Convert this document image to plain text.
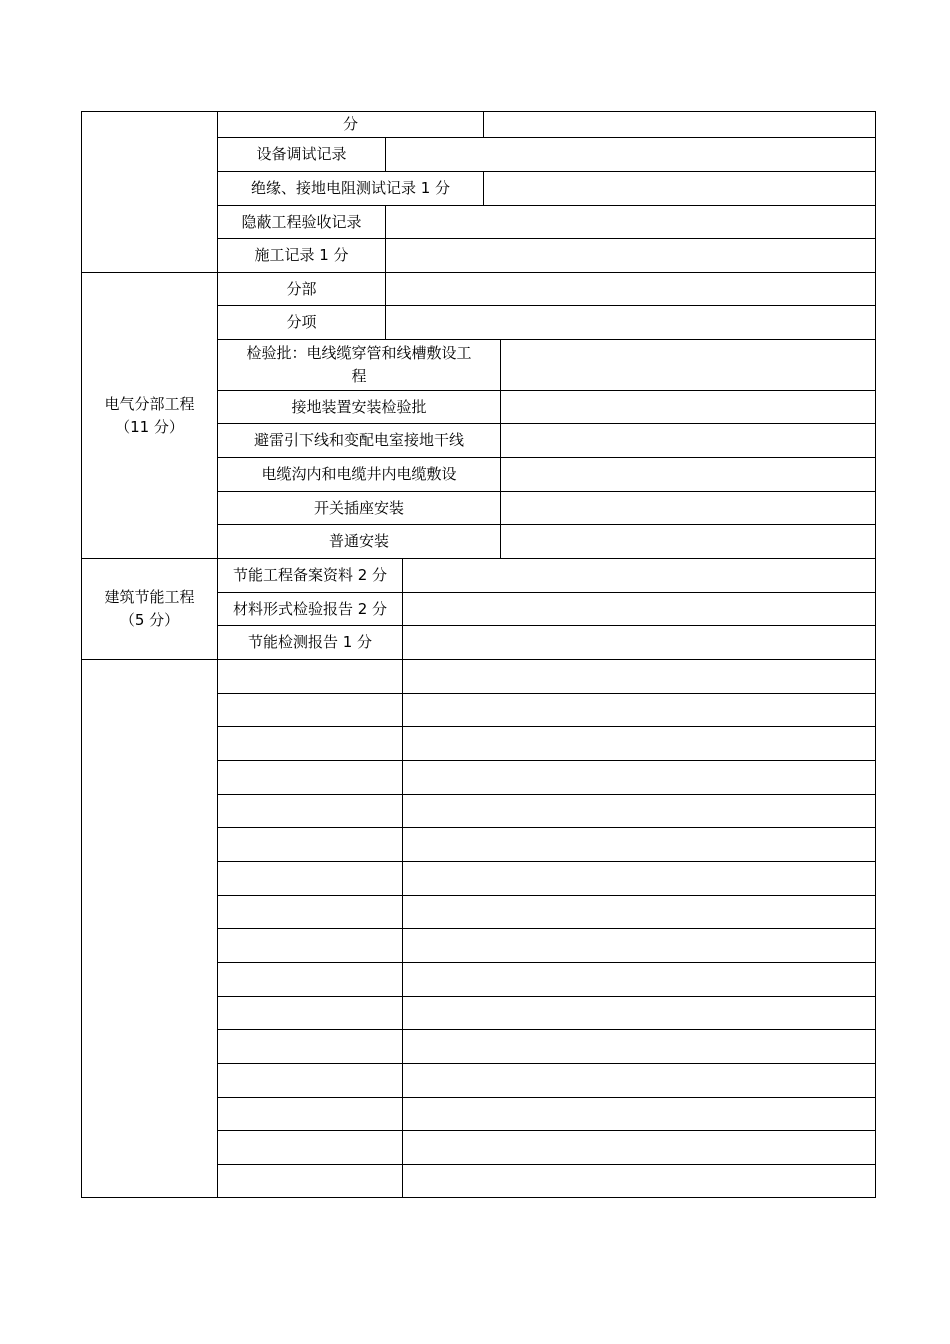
分
设备调试记录
绝缘、接地电阻测试记录 1 分
隐蔽工程验收记录
施工记录 1 分
电气分部工程
（11 分）
分部
分项
检验批：电线缆穿管和线槽敷设工
程
接地装置安装检验批
避雷引下线和变配电室接地干线
电缆沟内和电缆井内电缆敷设
开关插座安装
普通安装
建筑节能工程
（5 分）
节能工程备案资料 2 分
材料形式检验报告 2 分
节能检测报告 1 分
